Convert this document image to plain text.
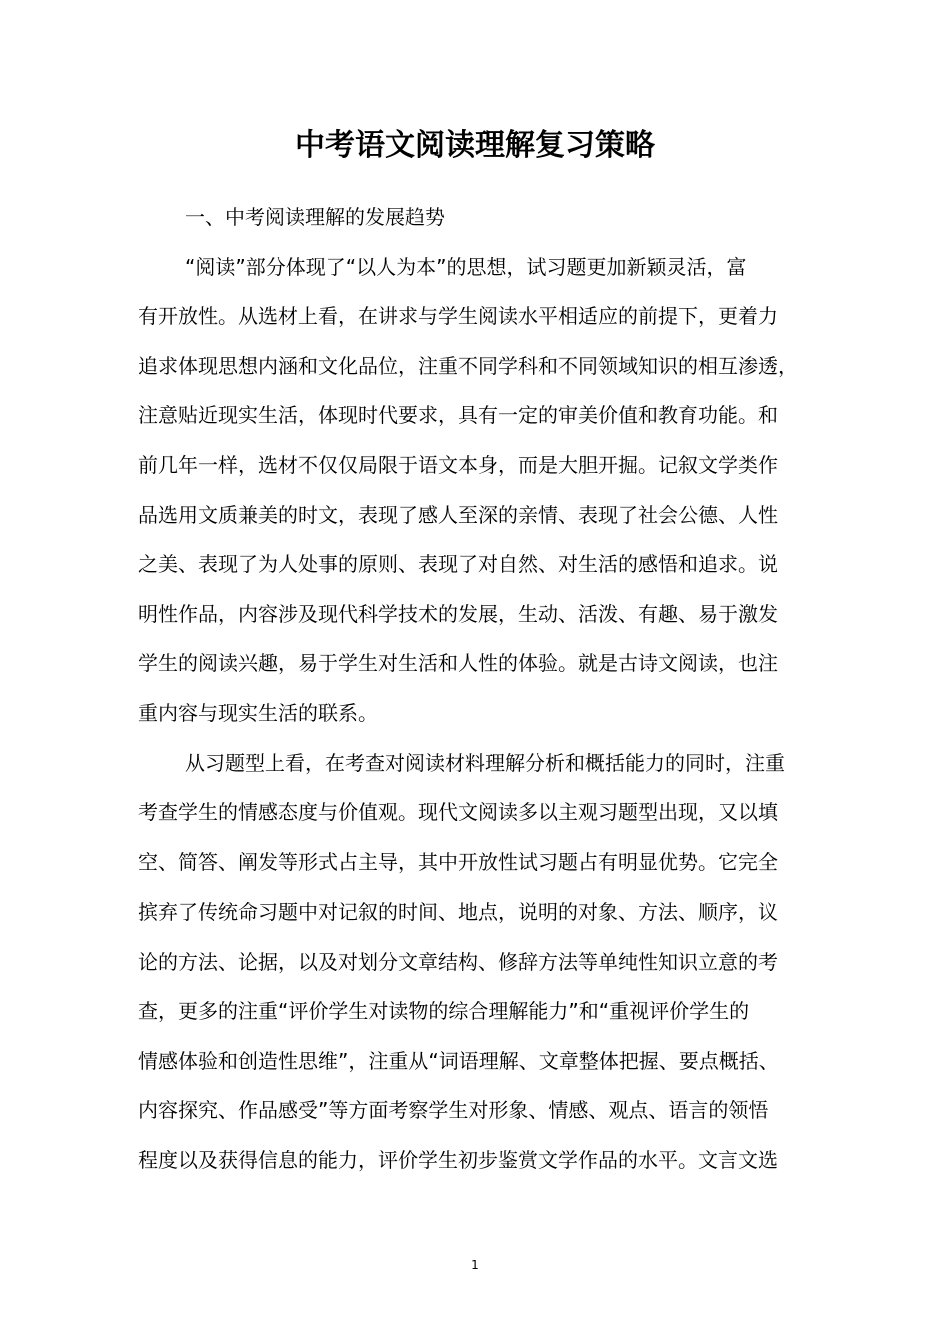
中考语文阅读理解复习策略
一、中考阅读理解的发展趋势
“阅读”部分体现了“以人为本”的思想，试习题更加新颖灵活，富
有开放性。从选材上看，在讲求与学生阅读水平相适应的前提下，更着力
追求体现思想内涵和文化品位，注重不同学科和不同领域知识的相互渗透，
注意贴近现实生活，体现时代要求，具有一定的审美价值和教育功能。和
前几年一样，选材不仅仅局限于语文本身，而是大胆开掘。记叙文学类作
品选用文质兼美的时文，表现了感人至深的亲情、表现了社会公德、人性
之美、表现了为人处事的原则、表现了对自然、对生活的感悟和追求。说
明性作品，内容涉及现代科学技术的发展，生动、活泼、有趣、易于激发
学生的阅读兴趣，易于学生对生活和人性的体验。就是古诗文阅读，也注
重内容与现实生活的联系。
从习题型上看，在考查对阅读材料理解分析和概括能力的同时，注重
考查学生的情感态度与价值观。现代文阅读多以主观习题型出现，又以填
空、简答、阐发等形式占主导，其中开放性试习题占有明显优势。它完全
摈弃了传统命习题中对记叙的时间、地点，说明的对象、方法、顺序，议
论的方法、论据，以及对划分文章结构、修辞方法等单纯性知识立意的考
查，更多的注重“评价学生对读物的综合理解能力”和“重视评价学生的
情感体验和创造性思维”，注重从“词语理解、文章整体把握、要点概括、
内容探究、作品感受”等方面考察学生对形象、情感、观点、语言的领悟
程度以及获得信息的能力，评价学生初步鉴赏文学作品的水平。文言文选
1
